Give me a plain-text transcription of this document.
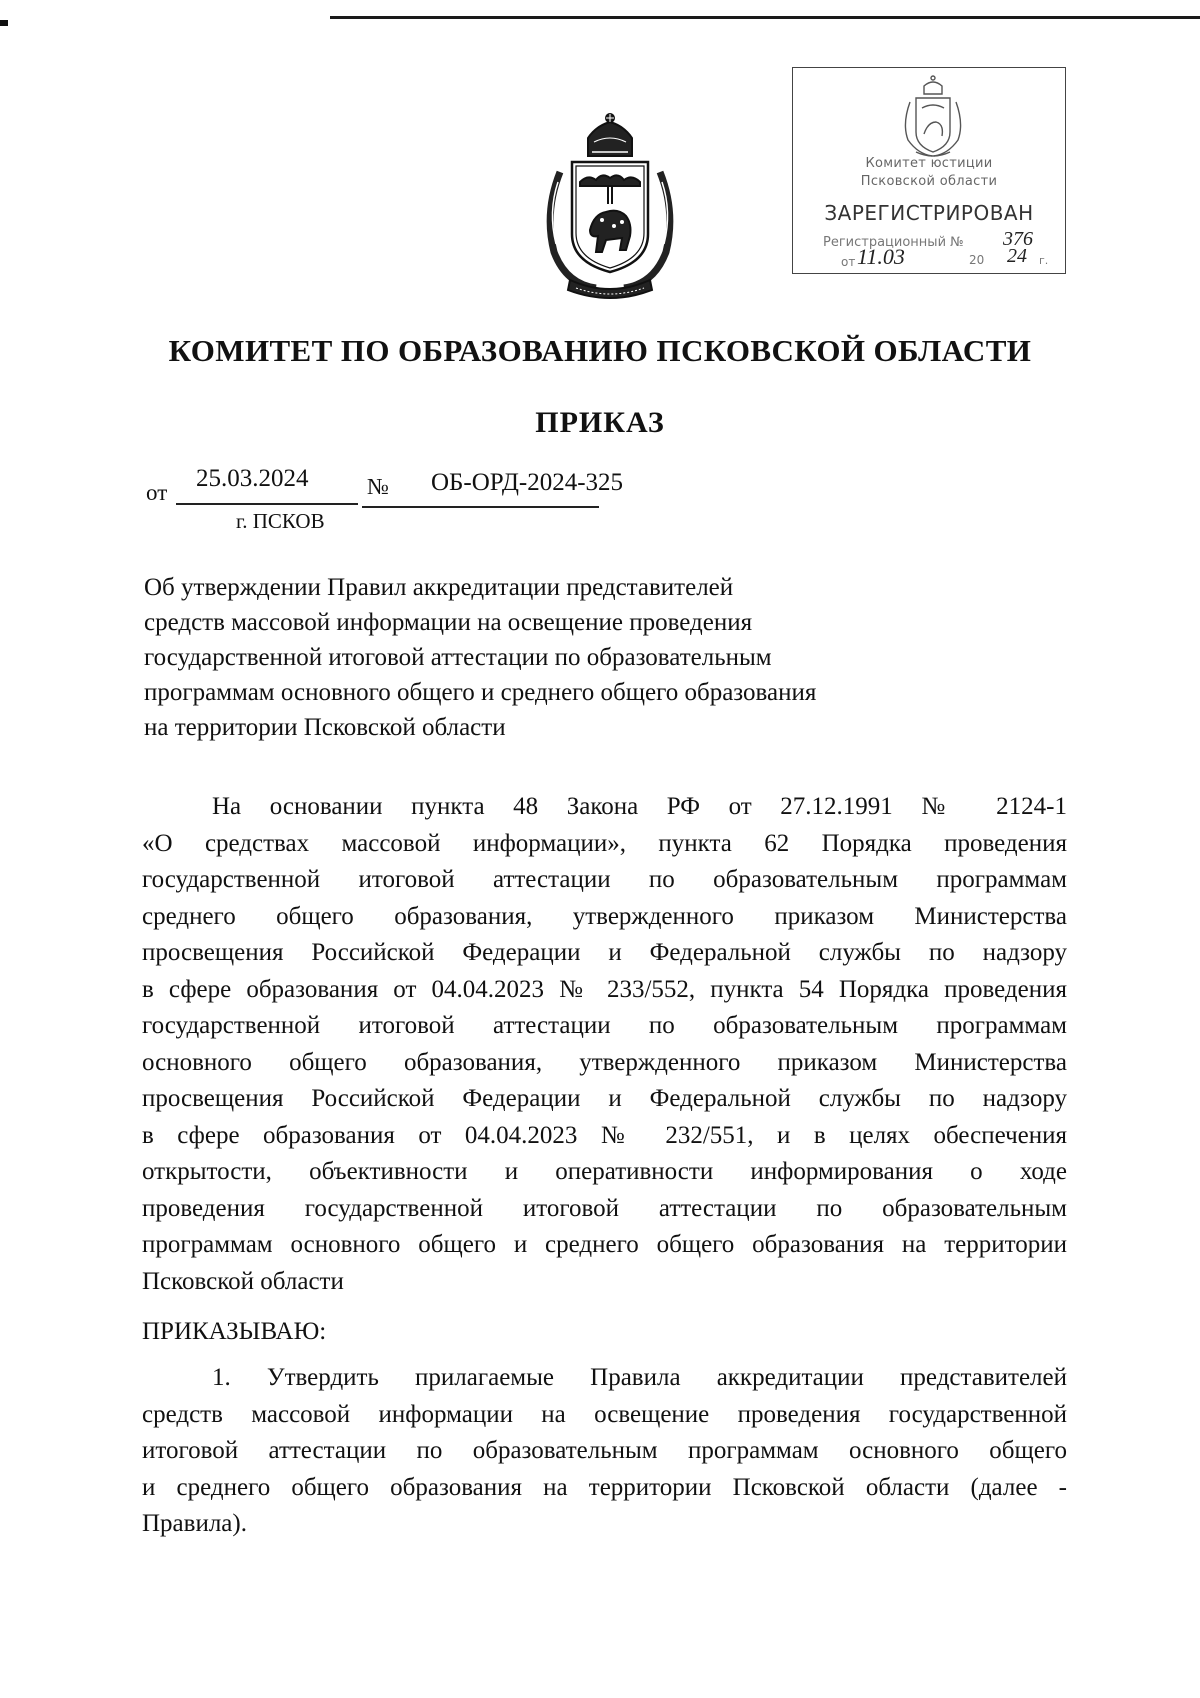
Комитет юстиции
Псковской области
ЗАРЕГИСТРИРОВАН
Регистрационный № 376
от 11.03	20 24 г.
КОМИТЕТ ПО ОБРАЗОВАНИЮ ПСКОВСКОЙ ОБЛАСТИ
ПРИКАЗ
от
25.03.2024	№ ОБ-ОРД-2024-325
г. ПСКОВ
Об утверждении Правил аккредитации представителей
средств массовой информации на освещение проведения
государственной итоговой аттестации по образовательным
программам основного общего и среднего общего образования
на территории Псковской области
На основании пункта 48 Закона РФ от 27.12.1991 № 2124-1
«О средствах массовой информации», пункта 62 Порядка проведения
государственной итоговой аттестации по образовательным программам
среднего общего образования, утвержденного приказом Министерства
просвещения Российской Федерации и Федеральной службы по надзору
в сфере образования от 04.04.2023 № 233/552, пункта 54 Порядка проведения
государственной итоговой аттестации по образовательным программам
основного общего образования, утвержденного приказом Министерства
просвещения Российской Федерации и Федеральной службы по надзору
в сфере образования от 04.04.2023 № 232/551, и в целях обеспечения
открытости, объективности и оперативности информирования о ходе
проведения государственной итоговой аттестации по образовательным
программам основного общего и среднего общего образования на территории
Псковской области
ПРИКАЗЫВАЮ:
1. Утвердить прилагаемые Правила аккредитации представителей
средств массовой информации на освещение проведения государственной
итоговой аттестации по образовательным программам основного общего
и среднего общего образования на территории Псковской области (далее -
Правила).
